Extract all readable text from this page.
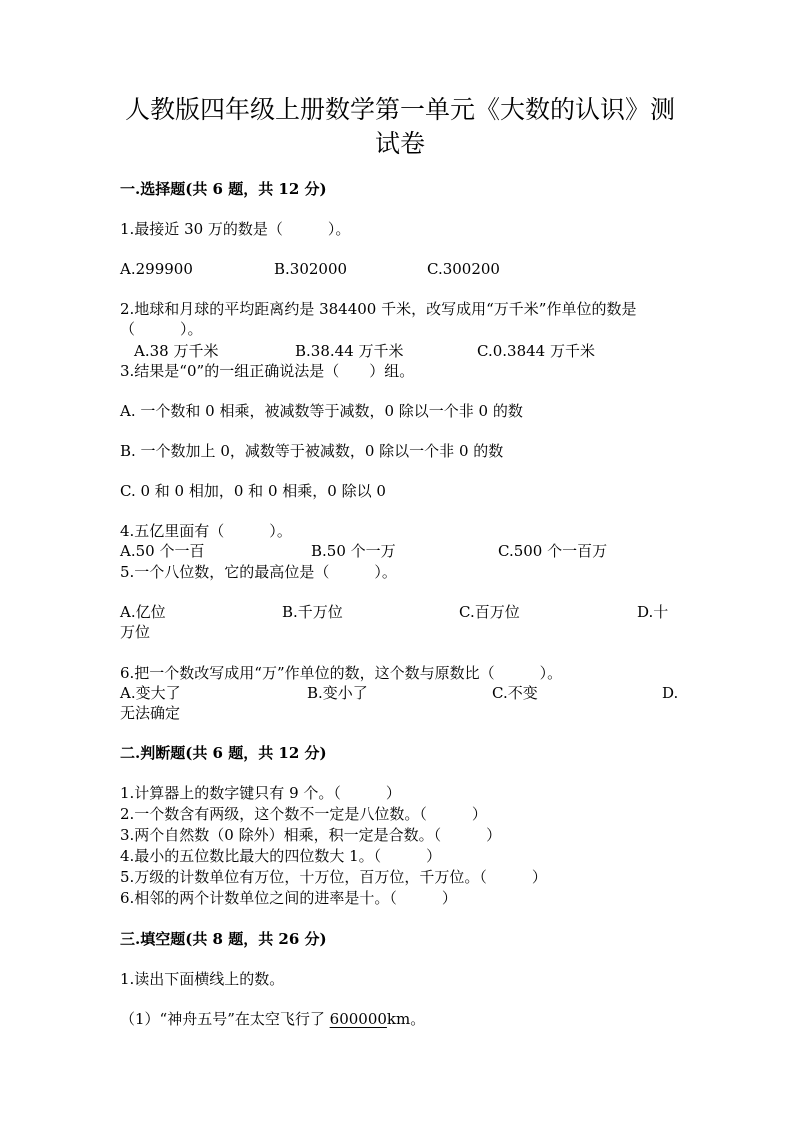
人教版四年级上册数学第一单元《大数的认识》测
试卷
一.选择题(共 6 题，共 12 分)
1.最接近 30 万的数是（　　　）。
A.299900	B.302000	C.300200
2.地球和月球的平均距离约是 384400 千米，改写成用“万千米”作单位的数是
（　　　）。
A.38 万千米	B.38.44 万千米	C.0.3844 万千米
3.结果是“0”的一组正确说法是（　　）组。
A. 一个数和 0 相乘，被减数等于减数，0 除以一个非 0 的数
B. 一个数加上 0，减数等于被减数，0 除以一个非 0 的数
C. 0 和 0 相加，0 和 0 相乘，0 除以 0
4.五亿里面有（　　　）。
A.50 个一百	B.50 个一万	C.500 个一百万
5.一个八位数，它的最高位是（　　　）。
A.亿位	B.千万位	C.百万位	D.十
万位
6.把一个数改写成用“万”作单位的数，这个数与原数比（　　　）。
A.变大了	B.变小了	C.不变	D.
无法确定
二.判断题(共 6 题，共 12 分)
1.计算器上的数字键只有 9 个。（　　　）
2.一个数含有两级，这个数不一定是八位数。（　　　）
3.两个自然数（0 除外）相乘，积一定是合数。（　　　）
4.最小的五位数比最大的四位数大 1。（　　　）
5.万级的计数单位有万位，十万位，百万位，千万位。（　　　）
6.相邻的两个计数单位之间的进率是十。（　　　）
三.填空题(共 8 题，共 26 分)
1.读出下面横线上的数。
（1）“神舟五号”在太空飞行了 600000km。
